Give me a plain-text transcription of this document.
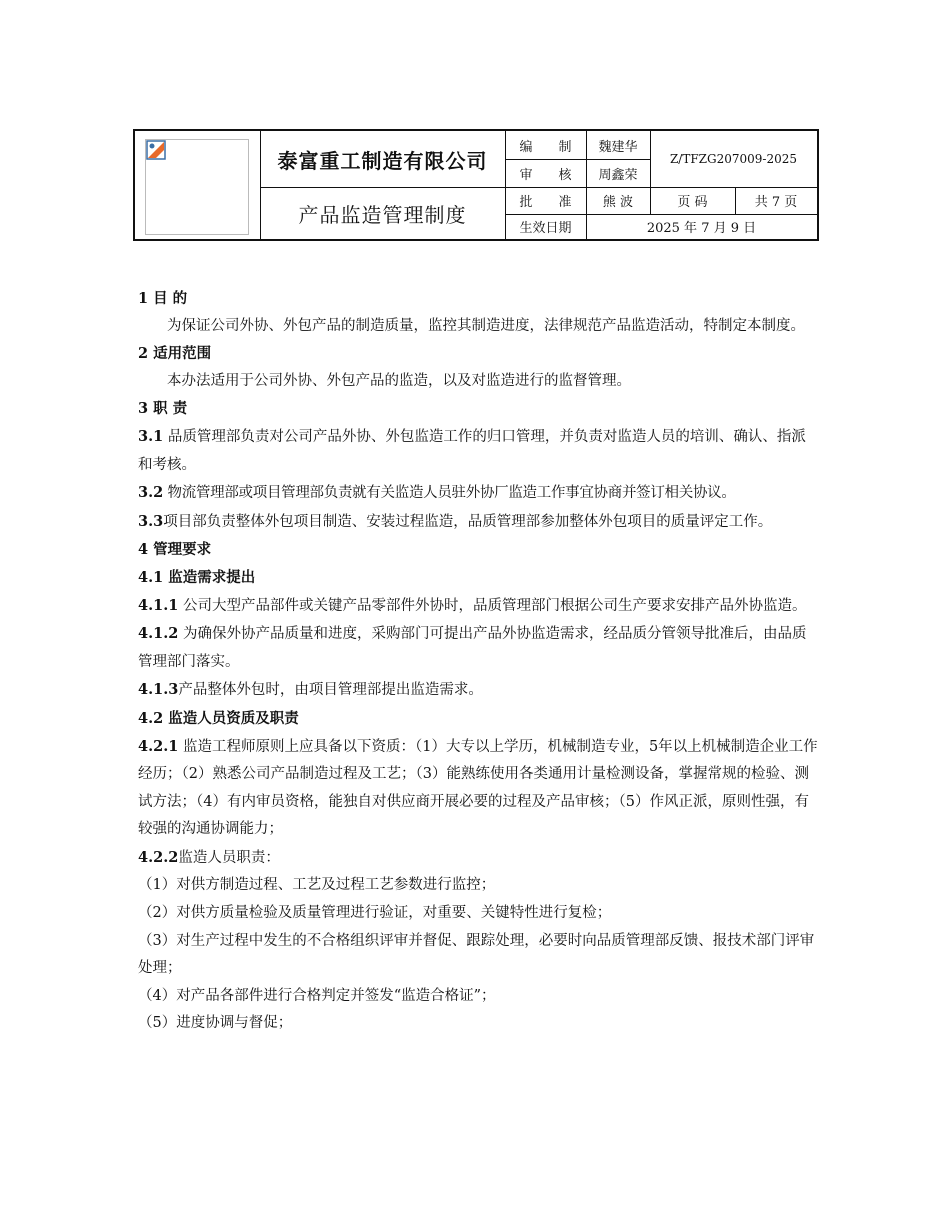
泰富重工制造有限公司
产品监造管理制度
编　　制
审　　核
批　　准
生效日期
魏建华
周鑫荣
熊 波
Z/TFZG207009-2025
页 码	共 7 页
2025 年 7 月 9 日

1 目 的

为保证公司外协、外包产品的制造质量，监控其制造进度，法律规范产品监造活动，特制定本制度。

2 适用范围

本办法适用于公司外协、外包产品的监造，以及对监造进行的监督管理。

3 职 责

3.1 品质管理部负责对公司产品外协、外包监造工作的归口管理，并负责对监造人员的培训、确认、指派和考核。

3.2 物流管理部或项目管理部负责就有关监造人员驻外协厂监造工作事宜协商并签订相关协议。

3.3项目部负责整体外包项目制造、安装过程监造，品质管理部参加整体外包项目的质量评定工作。

4 管理要求

4.1 监造需求提出

4.1.1 公司大型产品部件或关键产品零部件外协时，品质管理部门根据公司生产要求安排产品外协监造。

4.1.2 为确保外协产品质量和进度，采购部门可提出产品外协监造需求，经品质分管领导批准后，由品质管理部门落实。

4.1.3产品整体外包时，由项目管理部提出监造需求。

4.2 监造人员资质及职责

4.2.1 监造工程师原则上应具备以下资质：（1）大专以上学历，机械制造专业，5年以上机械制造企业工作经历；（2）熟悉公司产品制造过程及工艺；（3）能熟练使用各类通用计量检测设备，掌握常规的检验、测试方法；（4）有内审员资格，能独自对供应商开展必要的过程及产品审核；（5）作风正派，原则性强，有较强的沟通协调能力；

4.2.2监造人员职责：

（1）对供方制造过程、工艺及过程工艺参数进行监控；

（2）对供方质量检验及质量管理进行验证，对重要、关键特性进行复检；

（3）对生产过程中发生的不合格组织评审并督促、跟踪处理，必要时向品质管理部反馈、报技术部门评审处理；

（4）对产品各部件进行合格判定并签发“监造合格证”；

（5）进度协调与督促；
